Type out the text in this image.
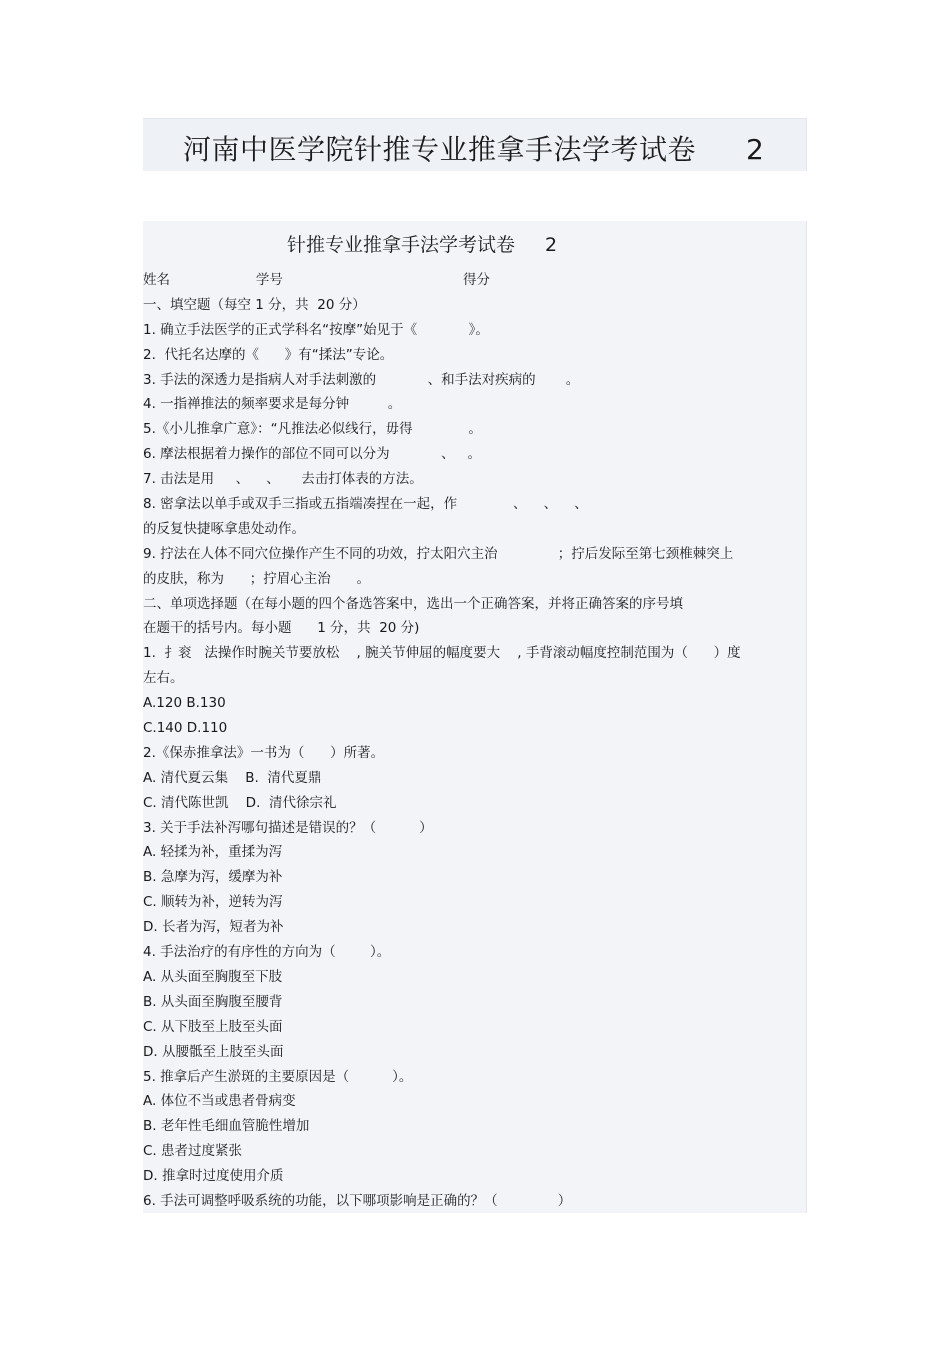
河南中医学院针推专业推拿手法学考试卷 2
针推专业推拿手法学考试卷 2
姓名                    学号                                          得分
一、填空题（每空 1 分，共  20 分）
1. 确立手法医学的正式学科名“按摩”始见于《            》。
2.  代托名达摩的《      》有“揉法”专论。
3. 手法的深透力是指病人对手法刺激的            、和手法对疾病的       。
4. 一指禅推法的频率要求是每分钟         。
5.《小儿推拿广意》：“凡推法必似线行，毋得             。
6. 摩法根据着力操作的部位不同可以分为            、   。
7. 击法是用     、    、     去击打体表的方法。
8. 密拿法以单手或双手三指或五指端凑捏在一起，作             、    、    、
的反复快捷啄拿患处动作。
9. 拧法在人体不同穴位操作产生不同的功效，拧太阳穴主治              ；拧后发际至第七颈椎棘突上
的皮肤，称为      ；拧眉心主治      。
二、单项选择题（在每小题的四个备选答案中，选出一个正确答案，并将正确答案的序号填
在题干的括号内。每小题      1 分，共  20 分)
1.  扌衮   法操作时腕关节要放松    , 腕关节伸屈的幅度要大    , 手背滚动幅度控制范围为（      ）度
左右。
A.120 B.130
C.140 D.110
2.《保赤推拿法》一书为（      ）所著。
A. 清代夏云集    B.  清代夏鼎
C. 清代陈世凯    D.  清代徐宗礼
3. 关于手法补泻哪句描述是错误的？（          ）
A. 轻揉为补，重揉为泻
B. 急摩为泻，缓摩为补
C. 顺转为补，逆转为泻
D. 长者为泻，短者为补
4. 手法治疗的有序性的方向为（        ）。
A. 从头面至胸腹至下肢
B. 从头面至胸腹至腰背
C. 从下肢至上肢至头面
D. 从腰骶至上肢至头面
5. 推拿后产生淤斑的主要原因是（          ）。
A. 体位不当或患者骨病变
B. 老年性毛细血管脆性增加
C. 患者过度紧张
D. 推拿时过度使用介质
6. 手法可调整呼吸系统的功能，以下哪项影响是正确的？（              ）
